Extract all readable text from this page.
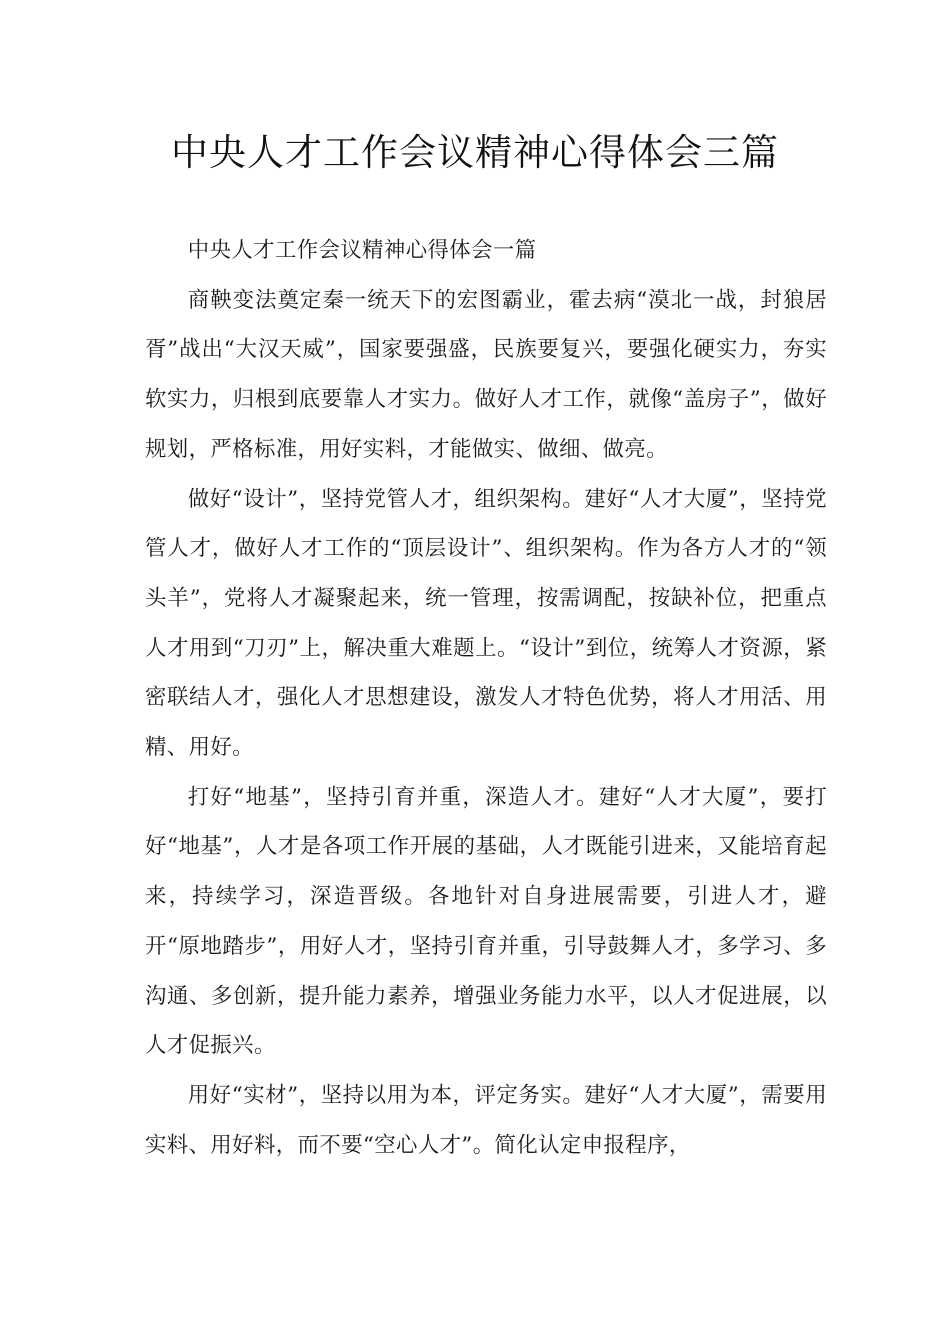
中央人才工作会议精神心得体会三篇

中央人才工作会议精神心得体会一篇

商鞅变法奠定秦一统天下的宏图霸业，霍去病“漠北一战，封狼居胥”战出“大汉天威”，国家要强盛，民族要复兴，要强化硬实力，夯实软实力，归根到底要靠人才实力。做好人才工作，就像“盖房子”，做好规划，严格标准，用好实料，才能做实、做细、做亮。

做好“设计”，坚持党管人才，组织架构。建好“人才大厦”，坚持党管人才，做好人才工作的“顶层设计”、组织架构。作为各方人才的“领头羊”，党将人才凝聚起来，统一管理，按需调配，按缺补位，把重点人才用到“刀刃”上，解决重大难题上。“设计”到位，统筹人才资源，紧密联结人才，强化人才思想建设，激发人才特色优势，将人才用活、用精、用好。

打好“地基”，坚持引育并重，深造人才。建好“人才大厦”，要打好“地基”，人才是各项工作开展的基础，人才既能引进来，又能培育起来，持续学习，深造晋级。各地针对自身进展需要，引进人才，避开“原地踏步”，用好人才，坚持引育并重，引导鼓舞人才，多学习、多沟通、多创新，提升能力素养，增强业务能力水平，以人才促进展，以人才促振兴。

用好“实材”，坚持以用为本，评定务实。建好“人才大厦”，需要用实料、用好料，而不要“空心人才”。简化认定申报程序，
